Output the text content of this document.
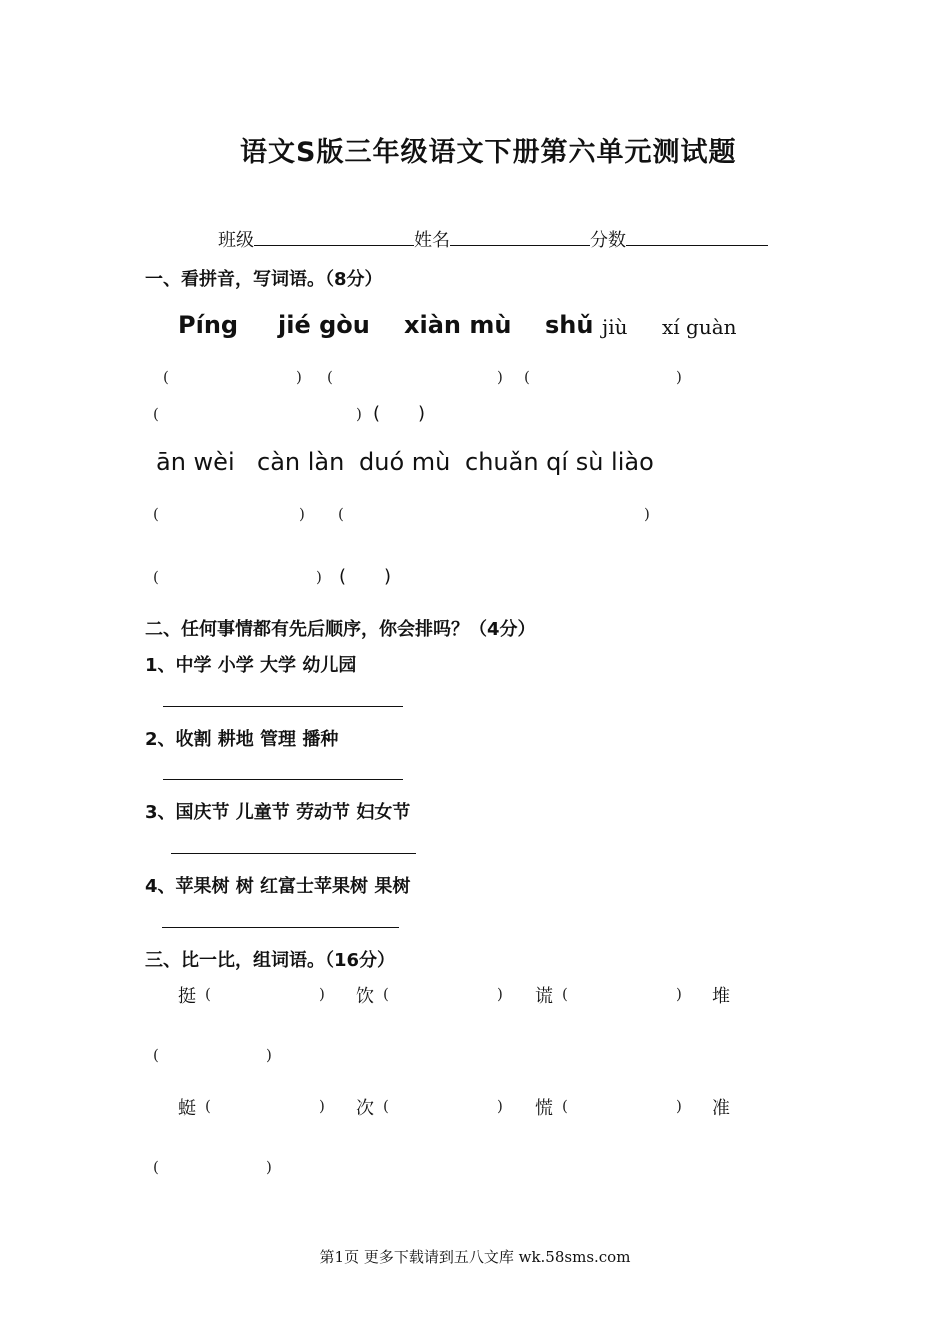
语文S版三年级语文下册第六单元测试题
班级	姓名	分数
一、看拼音，写词语。（8分）
Píng jié gòu xiàn mù shǔ jiù xí guàn
(	) (	) (	)
(	) ( )
ān wèi càn làn duó mù chuǎn qí sù liào
(	) (	)
(	) ( )
二、任何事情都有先后顺序，你会排吗？（4分）
1、中学 小学 大学 幼儿园
2、收割 耕地 管理 播种
3、国庆节 儿童节 劳动节 妇女节
4、苹果树 树 红富士苹果树 果树
三、比一比，组词语。（16分）
挺 (	) 饮 (	) 谎 (	) 堆
(	)
蜓 (	) 次 (	) 慌 (	) 准
(	)
第1页 更多下载请到五八文库 wk.58sms.com
